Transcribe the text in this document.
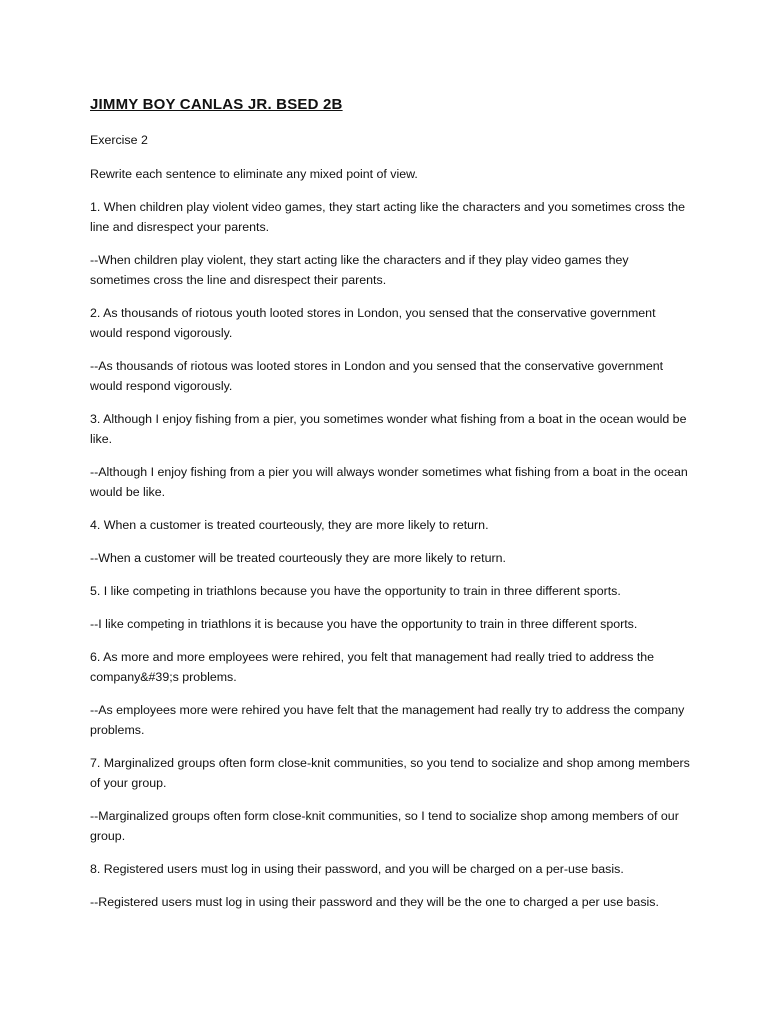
JIMMY BOY CANLAS JR. BSED 2B

Exercise 2

Rewrite each sentence to eliminate any mixed point of view.

1. When children play violent video games, they start acting like the characters and you sometimes cross the line and disrespect your parents.

--When children play violent, they start acting like the characters and if they play video games they sometimes cross the line and disrespect their parents.

2. As thousands of riotous youth looted stores in London, you sensed that the conservative government would respond vigorously.

--As thousands of riotous was looted stores in London and you sensed that the conservative government would respond vigorously.

3. Although I enjoy fishing from a pier, you sometimes wonder what fishing from a boat in the ocean would be like.

--Although I enjoy fishing from a pier you will always wonder sometimes what fishing from a boat in the ocean would be like.

4. When a customer is treated courteously, they are more likely to return.

--When a customer will be treated courteously they are more likely to return.

5. I like competing in triathlons because you have the opportunity to train in three different sports.

--I like competing in triathlons it is because you have the opportunity to train in three different sports.

6. As more and more employees were rehired, you felt that management had really tried to address the company&#39;s problems.

--As employees more were rehired you have felt that the management had really try to address the company problems.

7. Marginalized groups often form close-knit communities, so you tend to socialize and shop among members of your group.

--Marginalized groups often form close-knit communities, so I tend to socialize shop among members of our group.

8. Registered users must log in using their password, and you will be charged on a per-use basis.

--Registered users must log in using their password and they will be the one to charged a per use basis.
